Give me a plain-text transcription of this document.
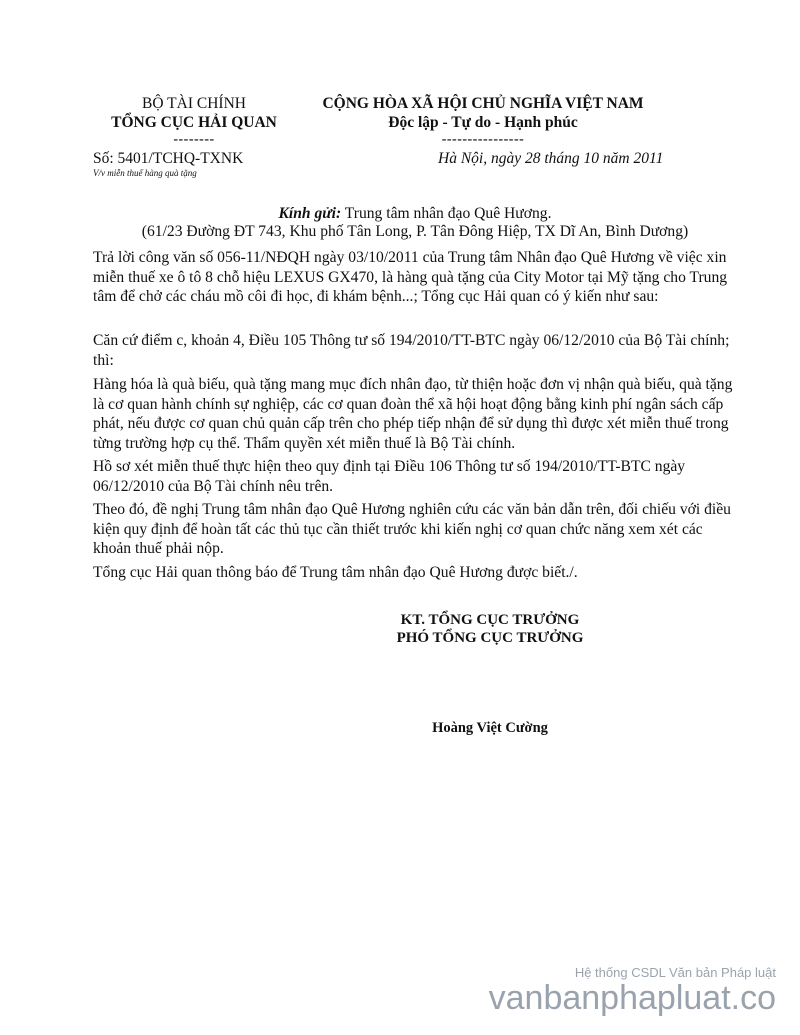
BỘ TÀI CHÍNH
TỔNG CỤC HẢI QUAN
--------
Số: 5401/TCHQ-TXNK
V/v miễn thuế hàng quà tặng
CỘNG HÒA XÃ HỘI CHỦ NGHĨA VIỆT NAM
Độc lập - Tự do - Hạnh phúc
----------------
Hà Nội, ngày 28 tháng 10 năm 2011
Kính gửi: Trung tâm nhân đạo Quê Hương.
(61/23 Đường ĐT 743, Khu phố Tân Long, P. Tân Đông Hiệp, TX Dĩ An, Bình Dương)

Trả lời công văn số 056-11/NĐQH ngày 03/10/2011 của Trung tâm Nhân đạo Quê Hương về việc xin miễn thuế xe ô tô 8 chỗ hiệu LEXUS GX470, là hàng quà tặng của City Motor tại Mỹ tặng cho Trung tâm để chở các cháu mồ côi đi học, đi khám bệnh...; Tổng cục Hải quan có ý kiến như sau:

Căn cứ điểm c, khoản 4, Điều 105 Thông tư số 194/2010/TT-BTC ngày 06/12/2010 của Bộ Tài chính; thì:

Hàng hóa là quà biếu, quà tặng mang mục đích nhân đạo, từ thiện hoặc đơn vị nhận quà biếu, quà tặng là cơ quan hành chính sự nghiệp, các cơ quan đoàn thể xã hội hoạt động bằng kinh phí ngân sách cấp phát, nếu được cơ quan chủ quản cấp trên cho phép tiếp nhận để sử dụng thì được xét miễn thuế trong từng trường hợp cụ thể. Thẩm quyền xét miễn thuế là Bộ Tài chính.

Hồ sơ xét miễn thuế thực hiện theo quy định tại Điều 106 Thông tư số 194/2010/TT-BTC ngày 06/12/2010 của Bộ Tài chính nêu trên.

Theo đó, đề nghị Trung tâm nhân đạo Quê Hương nghiên cứu các văn bản dẫn trên, đối chiếu với điều kiện quy định để hoàn tất các thủ tục cần thiết trước khi kiến nghị cơ quan chức năng xem xét các khoản thuế phải nộp.

Tổng cục Hải quan thông báo để Trung tâm nhân đạo Quê Hương được biết./.

KT. TỔNG CỤC TRƯỞNG
PHÓ TỔNG CỤC TRƯỞNG
Hoàng Việt Cường
Hệ thống CSDL Văn bản Pháp luật
vanbanphapluat.co
